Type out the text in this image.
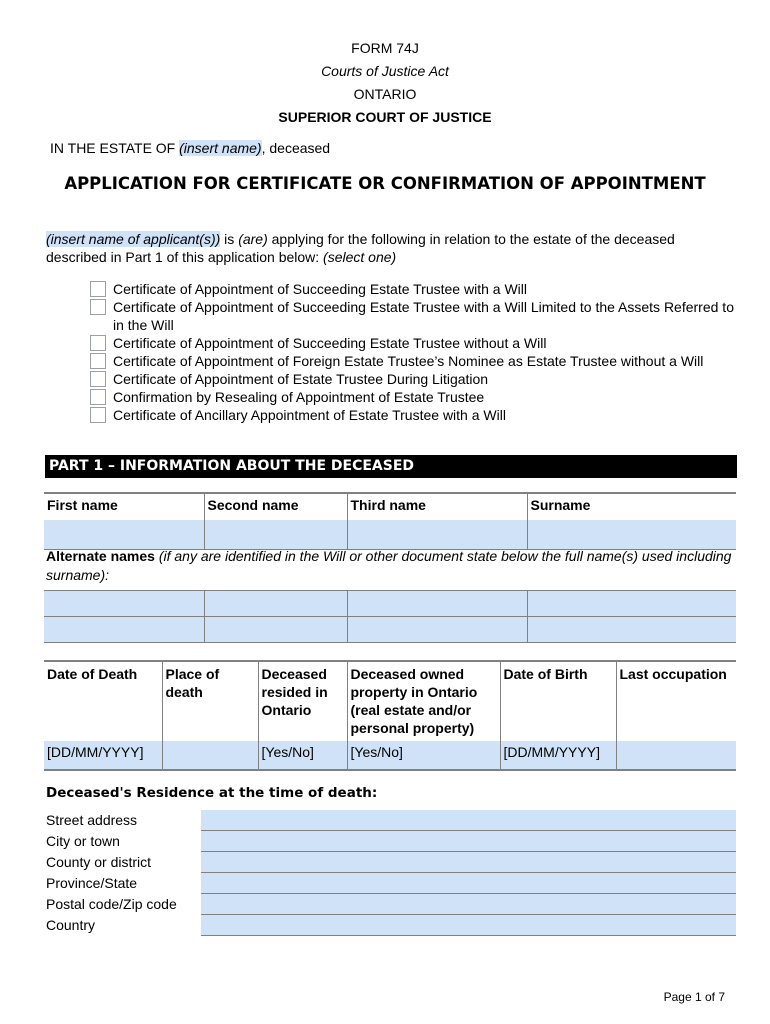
FORM 74J
Courts of Justice Act
ONTARIO
SUPERIOR COURT OF JUSTICE
IN THE ESTATE OF (insert name), deceased
APPLICATION FOR CERTIFICATE OR CONFIRMATION OF APPOINTMENT
(insert name of applicant(s)) is (are) applying for the following in relation to the estate of the deceased described in Part 1 of this application below: (select one)
Certificate of Appointment of Succeeding Estate Trustee with a Will
Certificate of Appointment of Succeeding Estate Trustee with a Will Limited to the Assets Referred to in the Will
Certificate of Appointment of Succeeding Estate Trustee without a Will
Certificate of Appointment of Foreign Estate Trustee’s Nominee as Estate Trustee without a Will
Certificate of Appointment of Estate Trustee During Litigation
Confirmation by Resealing of Appointment of Estate Trustee
Certificate of Ancillary Appointment of Estate Trustee with a Will
PART 1 – INFORMATION ABOUT THE DECEASED
First name	Second name	Third name	Surname

Alternate names (if any are identified in the Will or other document state below the full name(s) used including surname):

Date of Death	Place of death	Deceased resided in Ontario	Deceased owned property in Ontario (real estate and/or personal property)	Date of Birth	Last occupation
[DD/MM/YYYY]		[Yes/No]	[Yes/No]	[DD/MM/YYYY]	
Deceased's Residence at the time of death:
Street address
City or town
County or district
Province/State
Postal code/Zip code
Country
Page 1 of 7
